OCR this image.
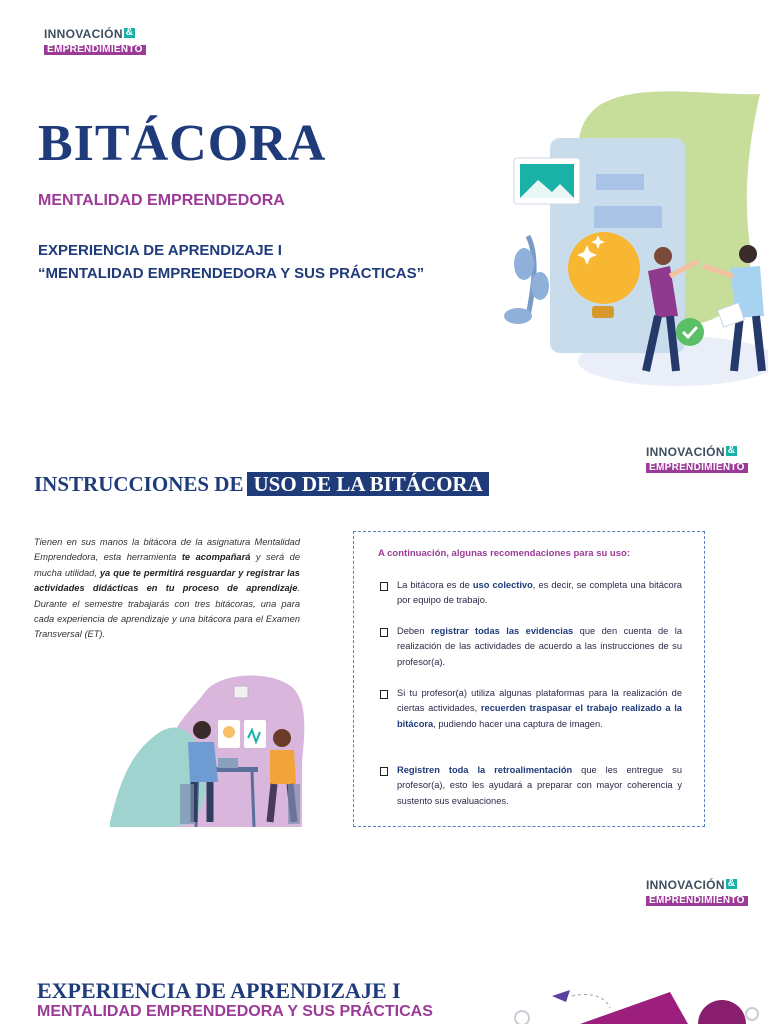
INNOVACIÓN &
EMPRENDIMIENTO
INNOVACIÓN &
EMPRENDIMIENTO
INNOVACIÓN &
EMPRENDIMIENTO
BITÁCORA
MENTALIDAD EMPRENDEDORA
EXPERIENCIA DE APRENDIZAJE I
“MENTALIDAD EMPRENDEDORA Y SUS PRÁCTICAS”
INSTRUCCIONES DE USO DE LA BITÁCORA
Tienen en sus manos la bitácora de la asignatura Mentalidad Emprendedora, esta herramienta te acompañará y será de mucha utilidad, ya que te permitirá resguardar y registrar las actividades didácticas en tu proceso de aprendizaje. Durante el semestre trabajarás con tres bitácoras, una para cada experiencia de aprendizaje y una bitácora para el Examen Transversal (ET).
A continuación, algunas recomendaciones para su uso:
La bitácora es de uso colectivo, es decir, se completa una bitácora por equipo de trabajo.
Deben registrar todas las evidencias que den cuenta de la realización de las actividades de acuerdo a las instrucciones de su profesor(a).
Si tu profesor(a) utiliza algunas plataformas para la realización de ciertas actividades, recuerden traspasar el trabajo realizado a la bitácora, pudiendo hacer una captura de imagen.
Registren toda la retroalimentación que les entregue su profesor(a), esto les ayudará a preparar con mayor coherencia y sustento sus evaluaciones.
EXPERIENCIA DE APRENDIZAJE I
MENTALIDAD EMPRENDEDORA Y SUS PRÁCTICAS
